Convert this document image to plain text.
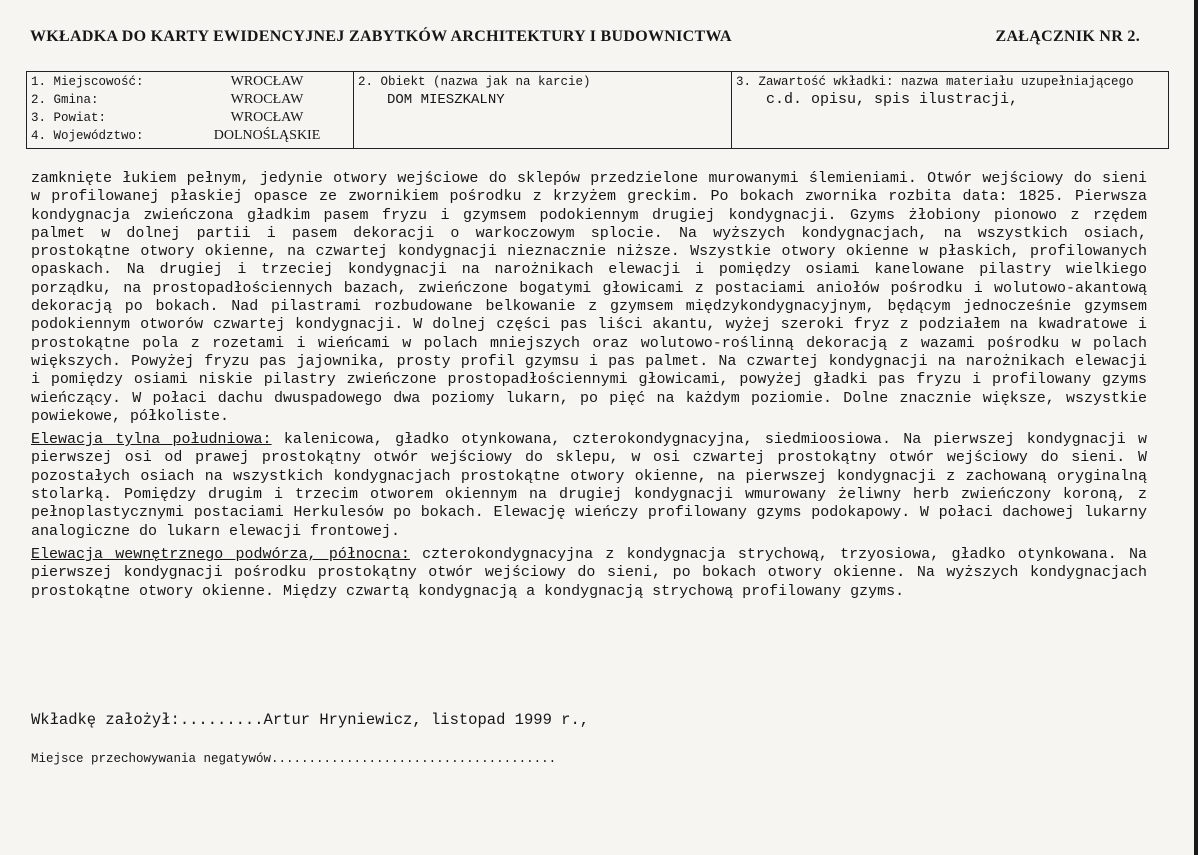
WKŁADKA DO KARTY EWIDENCYJNEJ ZABYTKÓW ARCHITEKTURY I BUDOWNICTWA	ZAŁĄCZNIK NR 2.
1. Miejscowość:	WROCŁAW
2. Gmina:	WROCŁAW
3. Powiat:	WROCŁAW
4. Województwo:	DOLNOŚLĄSKIE
2. Obiekt (nazwa jak na karcie)
DOM MIESZKALNY
3. Zawartość wkładki: nazwa materiału uzupełniającego
c.d. opisu, spis ilustracji,

zamknięte łukiem pełnym, jedynie otwory wejściowe do sklepów przedzielone murowanymi ślemieniami. Otwór wejściowy do sieni w profilowanej płaskiej opasce ze zwornikiem pośrodku z krzyżem greckim. Po bokach zwornika rozbita data: 1825. Pierwsza kondygnacja zwieńczona gładkim pasem fryzu i gzymsem podokiennym drugiej kondygnacji. Gzyms żłobiony pionowo z rzędem palmet w dolnej partii i pasem dekoracji o warkoczowym splocie. Na wyższych kondygnacjach, na wszystkich osiach, prostokątne otwory okienne, na czwartej kondygnacji nieznacznie niższe. Wszystkie otwory okienne w płaskich, profilowanych opaskach. Na drugiej i trzeciej kondygnacji na narożnikach elewacji i pomiędzy osiami kanelowane pilastry wielkiego porządku, na prostopadłościennych bazach, zwieńczone bogatymi głowicami z postaciami aniołów pośrodku i wolutowo-akantową dekoracją po bokach. Nad pilastrami rozbudowane belkowanie z gzymsem międzykondygnacyjnym, będącym jednocześnie gzymsem podokiennym otworów czwartej kondygnacji. W dolnej części pas liści akantu, wyżej szeroki fryz z podziałem na kwadratowe i prostokątne pola z rozetami i wieńcami w polach mniejszych oraz wolutowo-roślinną dekoracją z wazami pośrodku w polach większych. Powyżej fryzu pas jajownika, prosty profil gzymsu i pas palmet. Na czwartej kondygnacji na narożnikach elewacji i pomiędzy osiami niskie pilastry zwieńczone prostopadłościennymi głowicami, powyżej gładki pas fryzu i profilowany gzyms wieńczący. W połaci dachu dwuspadowego dwa poziomy lukarn, po pięć na każdym poziomie. Dolne znacznie większe, wszystkie powiekowe, półkoliste.

Elewacja tylna południowa: kalenicowa, gładko otynkowana, czterokondygnacyjna, siedmioosiowa. Na pierwszej kondygnacji w pierwszej osi od prawej prostokątny otwór wejściowy do sklepu, w osi czwartej prostokątny otwór wejściowy do sieni. W pozostałych osiach na wszystkich kondygnacjach prostokątne otwory okienne, na pierwszej kondygnacji z zachowaną oryginalną stolarką. Pomiędzy drugim i trzecim otworem okiennym na drugiej kondygnacji wmurowany żeliwny herb zwieńczony koroną, z pełnoplastycznymi postaciami Herkulesów po bokach. Elewację wieńczy profilowany gzyms podokapowy. W połaci dachowej lukarny analogiczne do lukarn elewacji frontowej.

Elewacja wewnętrznego podwórza, północna: czterokondygnacyjna z kondygnacja strychową, trzyosiowa, gładko otynkowana. Na pierwszej kondygnacji pośrodku prostokątny otwór wejściowy do sieni, po bokach otwory okienne. Na wyższych kondygnacjach prostokątne otwory okienne. Między czwartą kondygnacją a kondygnacją strychową profilowany gzyms.

Wkładkę założył:.........Artur Hryniewicz, listopad 1999 r.,
Miejsce przechowywania negatywów......................................
